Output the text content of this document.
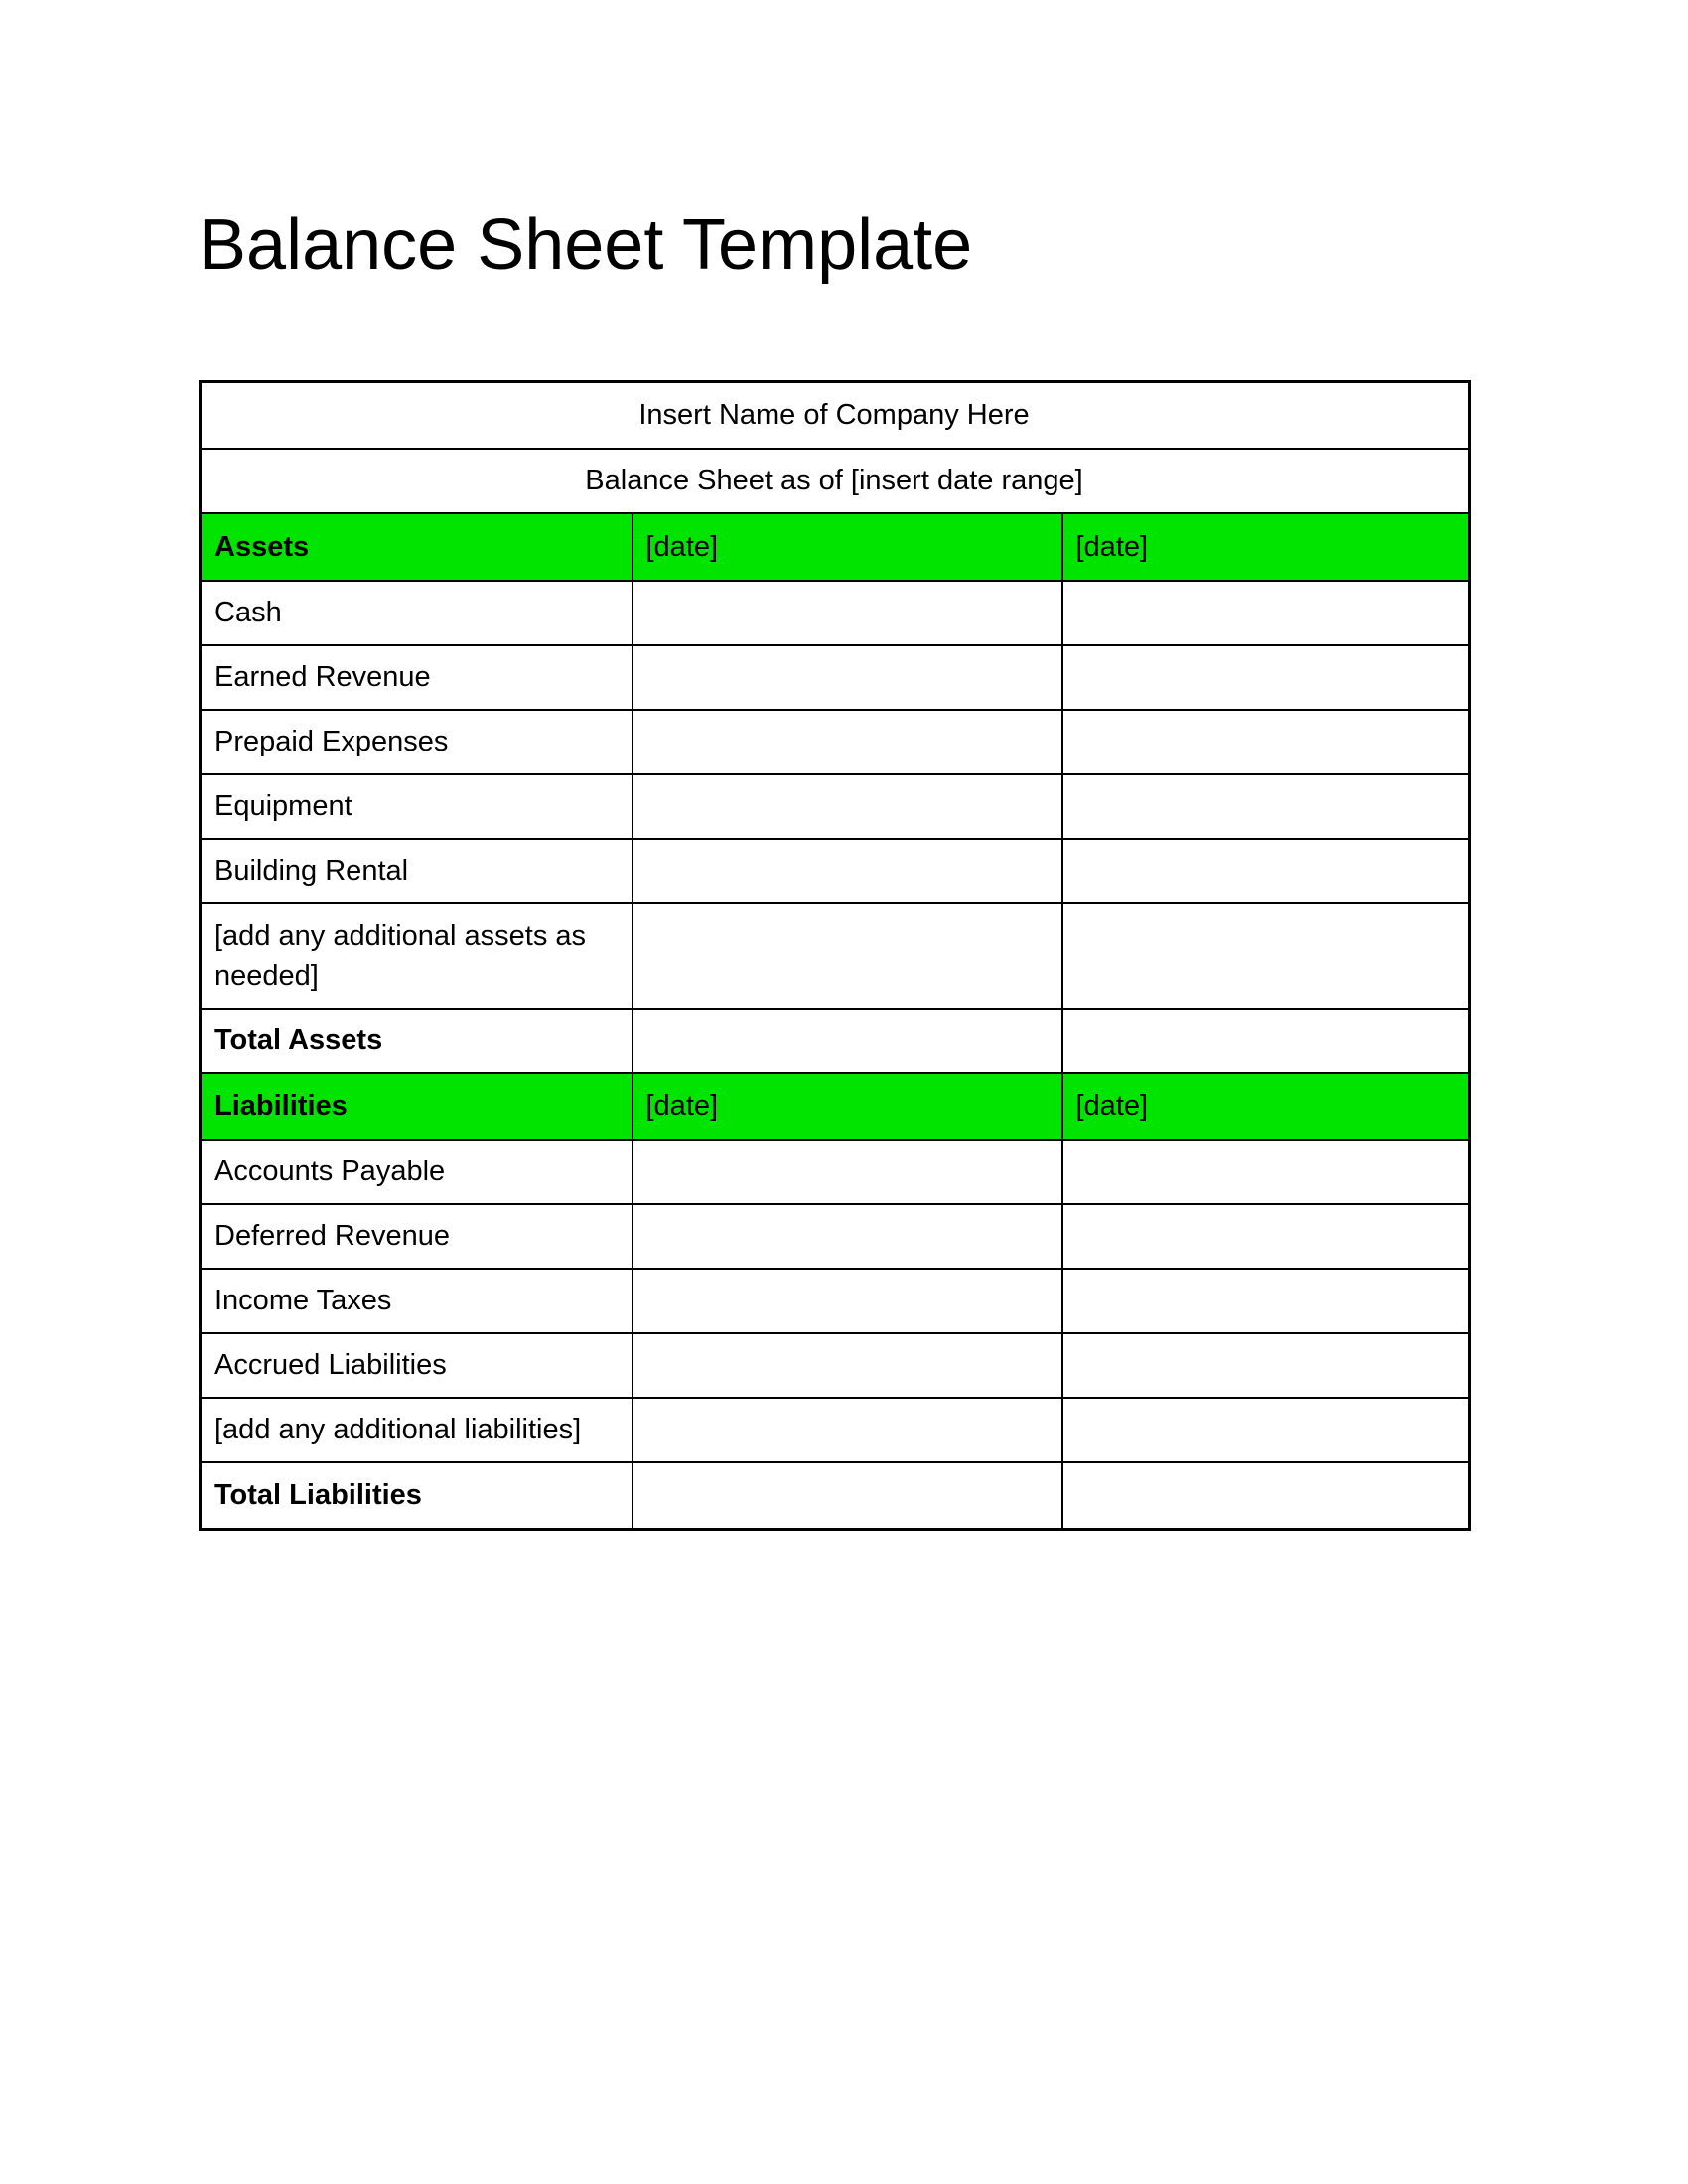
Balance Sheet Template
Insert Name of Company Here		
Balance Sheet as of [insert date range]		
Assets	[date]	[date]
Cash		
Earned Revenue		
Prepaid Expenses		
Equipment		
Building Rental		
[add any additional assets as needed]		
Total Assets		
Liabilities	[date]	[date]
Accounts Payable		
Deferred Revenue		
Income Taxes		
Accrued Liabilities		
[add any additional liabilities]		
Total Liabilities		
